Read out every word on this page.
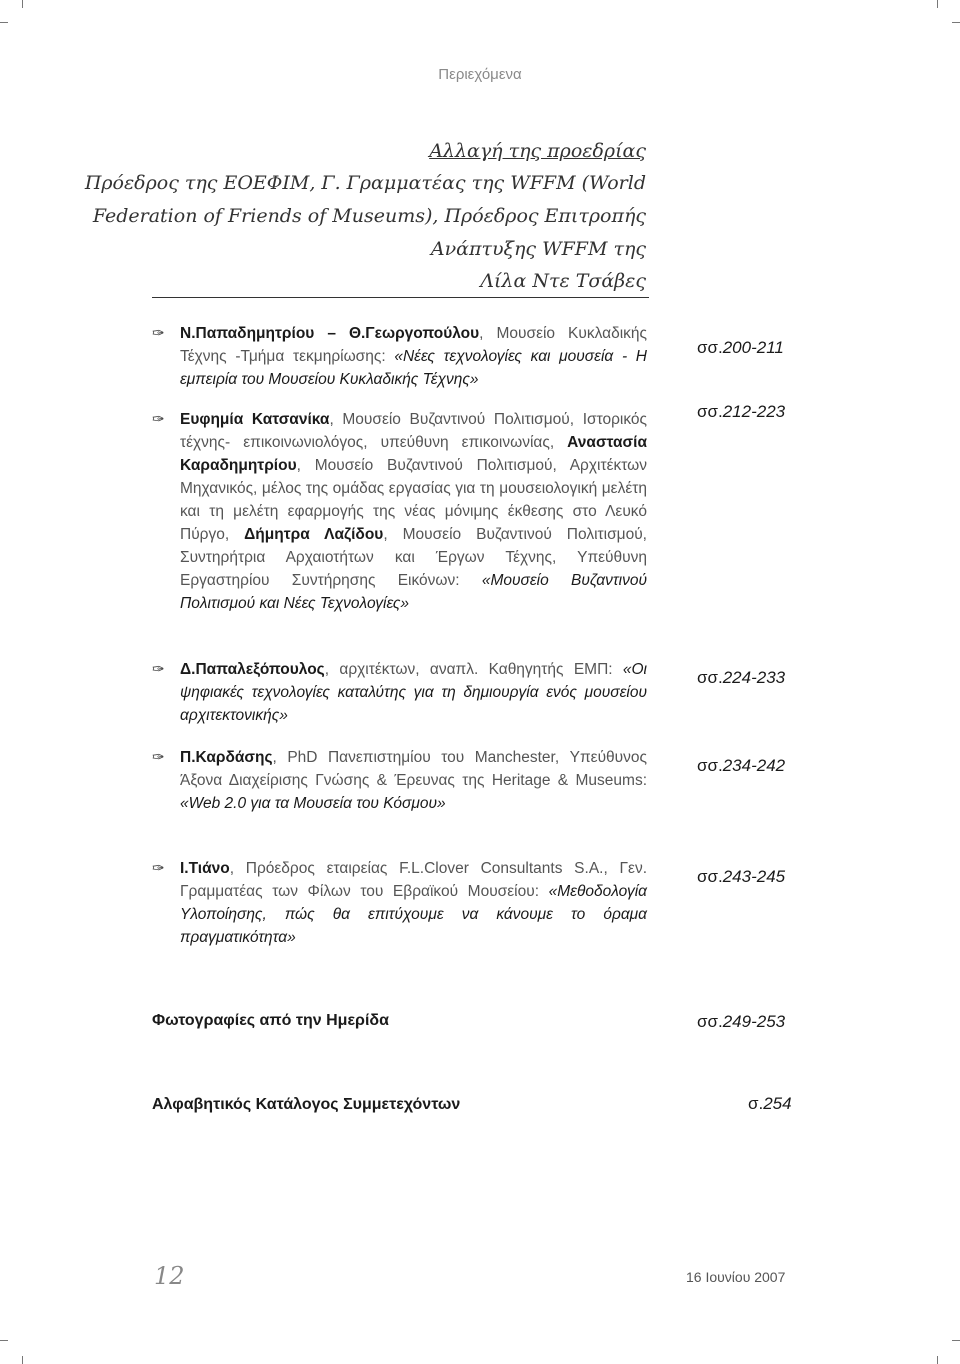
Περιεχόμενα
Αλλαγή της προεδρίας
Πρόεδρος της ΕΟΕΦΙΜ, Γ. Γραμματέας της WFFM (World
Federation of Friends of Museums), Πρόεδρος Επιτροπής
Ανάπτυξης WFFM της
Λίλα Ντε Τσάβες
✑ Ν.Παπαδημητρίου – Θ.Γεωργοπούλου, Μουσείο Κυκλαδικής Τέχνης -Τμήμα τεκμηρίωσης: «Νέες τεχνολογίες και μουσεία - Η εμπειρία του Μουσείου Κυκλαδικής Τέχνης»
σσ.200-211
✑ Ευφημία Κατσανίκα, Μουσείο Βυζαντινού Πολιτισμού, Ιστορικός τέχνης- επικοινωνιολόγος, υπεύθυνη επικοινωνίας, Αναστασία Καραδημητρίου, Μουσείο Βυζαντινού Πολιτισμού, Αρχιτέκτων Μηχανικός, μέλος της ομάδας εργασίας για τη μουσειολογική μελέτη και τη μελέτη εφαρμογής της νέας μόνιμης έκθεσης στο Λευκό Πύργο, Δήμητρα Λαζίδου, Μουσείο Βυζαντινού Πολιτισμού, Συντηρήτρια Αρχαιοτήτων και Έργων Τέχνης, Υπεύθυνη Εργαστηρίου Συντήρησης Εικόνων: «Μουσείο Βυζαντινού Πολιτισμού και Νέες Τεχνολογίες»
σσ.212-223
✑ Δ.Παπαλεξόπουλος, αρχιτέκτων, αναπλ. Καθηγητής ΕΜΠ: «Οι ψηφιακές τεχνολογίες καταλύτης για τη δημιουργία ενός μουσείου αρχιτεκτονικής»
σσ.224-233
✑ Π.Καρδάσης, PhD Πανεπιστημίου του Manchester, Υπεύθυνος Άξονα Διαχείρισης Γνώσης & Έρευνας της Heritage & Museums: «Web 2.0 για τα Μουσεία του Κόσμου»
σσ.234-242
✑ Ι.Τιάνο, Πρόεδρος εταιρείας F.L.Clover Consultants S.A., Γεν. Γραμματέας των Φίλων του Εβραϊκού Μουσείου: «Μεθοδολογία Υλοποίησης, πώς θα επιτύχουμε να κάνουμε το όραμα πραγματικότητα»
σσ.243-245
Φωτογραφίες από την Ημερίδα	σσ.249-253
Αλφαβητικός Κατάλογος Συμμετεχόντων	σ.254
12	16 Ιουνίου 2007
